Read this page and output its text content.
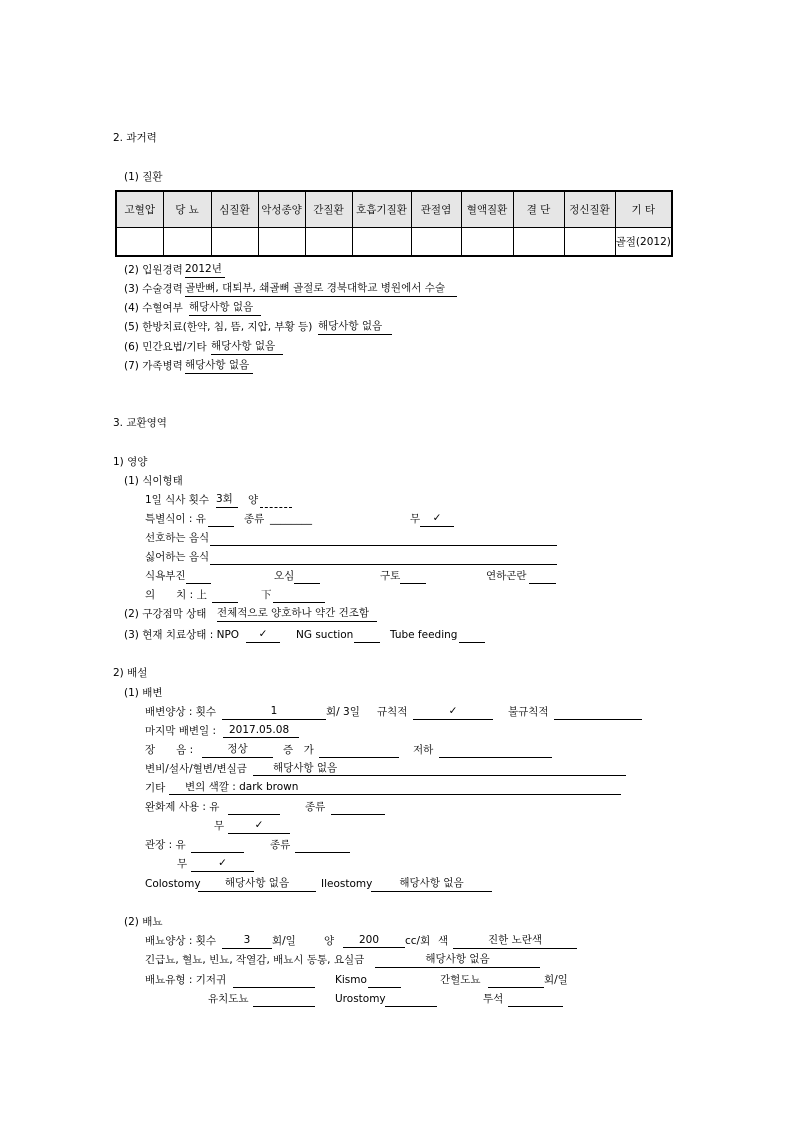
2. 과거력
(1) 질환
고혈압	당 뇨	심질환	악성종양	간질환	호흡기질환	관절염	혈액질환	결 단	정신질환	기 타
										골절(2012)
(2) 입원경력 2012년
(3) 수술경력 골반뼈, 대퇴부, 쇄골뼈 골절로 경북대학교 병원에서 수술
(4) 수혈여부 해당사항 없음
(5) 한방치료(한약, 침, 뜸, 지압, 부황 등) 해당사항 없음
(6) 민간요법/기타 해당사항 없음
(7) 가족병력 해당사항 없음
3. 교환영역
1) 영양
(1) 식이형태
1일 식사 횟수 3회	양
특별식이 : 유	종류 ________	무	✓
선호하는 음식
싫어하는 음식
식욕부진	오심	구토	연하곤란
의　　치 : 上	下
(2) 구강점막 상태 전체적으로 양호하나 약간 건조함
(3) 현재 치료상태 : NPO	✓	NG suction	Tube feeding
2) 배설
(1) 배변
배변양상 : 횟수	1	회/ 3일 규칙적	✓	불규칙적
마지막 배변일 :	2017.05.08
장　　음 :	정상	증　가	저하
변비/설사/혈변/변실금	해당사항 없음
기타	변의 색깔 : dark brown
완화제 사용 : 유	종류
무	✓
관장 : 유	종류
무	✓
Colostomy	해당사항 없음	Ileostomy	해당사항 없음
(2) 배뇨
배뇨양상 : 횟수	3	회/일	양	200	cc/회 색	진한 노란색
긴급뇨, 혈뇨, 빈뇨, 작열감, 배뇨시 동통, 요실금	해당사항 없음
배뇨유형 : 기저귀	Kismo	간헐도뇨	회/일
유치도뇨	Urostomy	투석
